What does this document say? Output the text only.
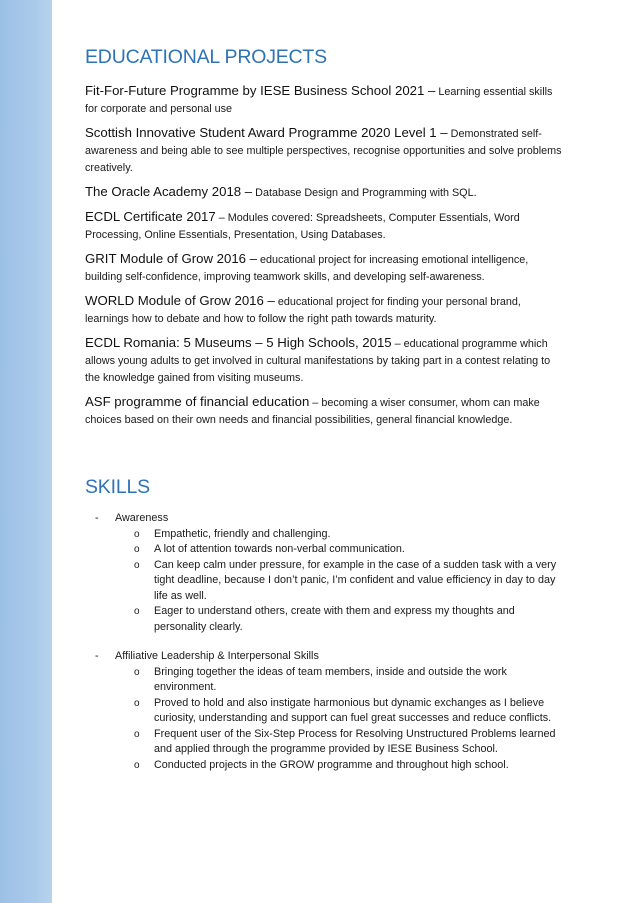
EDUCATIONAL PROJECTS

Fit-For-Future Programme by IESE Business School 2021 – Learning essential skills for corporate and personal use

Scottish Innovative Student Award Programme 2020 Level 1 – Demonstrated self-awareness and being able to see multiple perspectives, recognise opportunities and solve problems creatively.

The Oracle Academy 2018 – Database Design and Programming with SQL.

ECDL Certificate 2017 – Modules covered: Spreadsheets, Computer Essentials, Word Processing, Online Essentials, Presentation, Using Databases.

GRIT Module of Grow 2016 – educational project for increasing emotional intelligence, building self-confidence, improving teamwork skills, and developing self-awareness.

WORLD Module of Grow 2016 – educational project for finding your personal brand, learnings how to debate and how to follow the right path towards maturity.

ECDL Romania: 5 Museums – 5 High Schools, 2015 – educational programme which allows young adults to get involved in cultural manifestations by taking part in a contest relating to the knowledge gained from visiting museums.

ASF programme of financial education – becoming a wiser consumer, whom can make choices based on their own needs and financial possibilities, general financial knowledge.

SKILLS
- Awareness
o Empathetic, friendly and challenging.
o A lot of attention towards non-verbal communication.
o Can keep calm under pressure, for example in the case of a sudden task with a very tight deadline, because I don’t panic, I’m confident and value efficiency in day to day life as well.
o Eager to understand others, create with them and express my thoughts and personality clearly.
- Affiliative Leadership & Interpersonal Skills
o Bringing together the ideas of team members, inside and outside the work environment.
o Proved to hold and also instigate harmonious but dynamic exchanges as I believe curiosity, understanding and support can fuel great successes and reduce conflicts.
o Frequent user of the Six-Step Process for Resolving Unstructured Problems learned and applied through the programme provided by IESE Business School.
o Conducted projects in the GROW programme and throughout high school.
